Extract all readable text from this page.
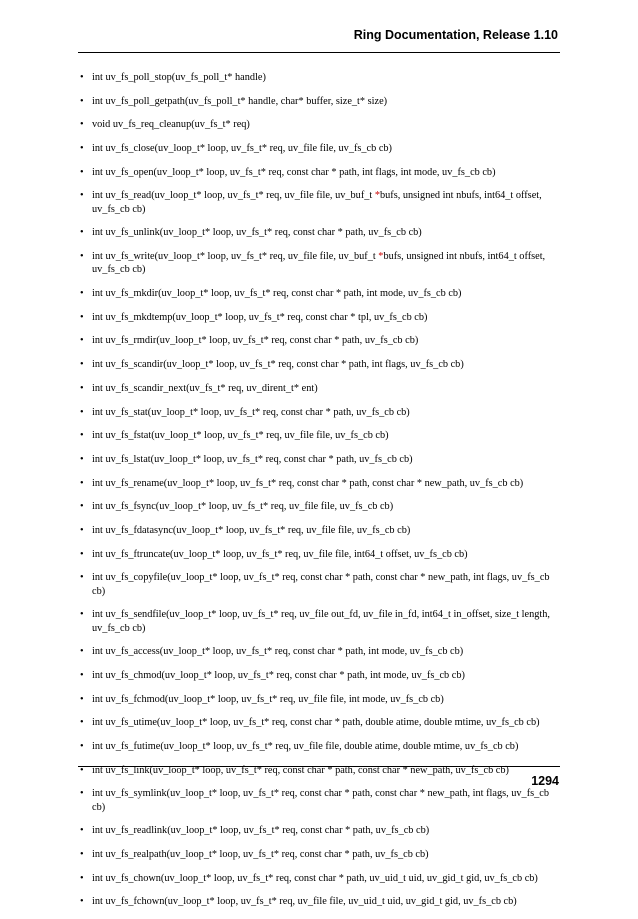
Ring Documentation, Release 1.10
• int uv_fs_poll_stop(uv_fs_poll_t* handle)
• int uv_fs_poll_getpath(uv_fs_poll_t* handle, char* buffer, size_t* size)
• void uv_fs_req_cleanup(uv_fs_t* req)
• int uv_fs_close(uv_loop_t* loop, uv_fs_t* req, uv_file file, uv_fs_cb cb)
• int uv_fs_open(uv_loop_t* loop, uv_fs_t* req, const char * path, int flags, int mode, uv_fs_cb cb)
• int uv_fs_read(uv_loop_t* loop, uv_fs_t* req, uv_file file, uv_buf_t *bufs, unsigned int nbufs, int64_t offset, uv_fs_cb cb)
• int uv_fs_unlink(uv_loop_t* loop, uv_fs_t* req, const char * path, uv_fs_cb cb)
• int uv_fs_write(uv_loop_t* loop, uv_fs_t* req, uv_file file, uv_buf_t *bufs, unsigned int nbufs, int64_t offset, uv_fs_cb cb)
• int uv_fs_mkdir(uv_loop_t* loop, uv_fs_t* req, const char * path, int mode, uv_fs_cb cb)
• int uv_fs_mkdtemp(uv_loop_t* loop, uv_fs_t* req, const char * tpl, uv_fs_cb cb)
• int uv_fs_rmdir(uv_loop_t* loop, uv_fs_t* req, const char * path, uv_fs_cb cb)
• int uv_fs_scandir(uv_loop_t* loop, uv_fs_t* req, const char * path, int flags, uv_fs_cb cb)
• int uv_fs_scandir_next(uv_fs_t* req, uv_dirent_t* ent)
• int uv_fs_stat(uv_loop_t* loop, uv_fs_t* req, const char * path, uv_fs_cb cb)
• int uv_fs_fstat(uv_loop_t* loop, uv_fs_t* req, uv_file file, uv_fs_cb cb)
• int uv_fs_lstat(uv_loop_t* loop, uv_fs_t* req, const char * path, uv_fs_cb cb)
• int uv_fs_rename(uv_loop_t* loop, uv_fs_t* req, const char * path, const char * new_path, uv_fs_cb cb)
• int uv_fs_fsync(uv_loop_t* loop, uv_fs_t* req, uv_file file, uv_fs_cb cb)
• int uv_fs_fdatasync(uv_loop_t* loop, uv_fs_t* req, uv_file file, uv_fs_cb cb)
• int uv_fs_ftruncate(uv_loop_t* loop, uv_fs_t* req, uv_file file, int64_t offset, uv_fs_cb cb)
• int uv_fs_copyfile(uv_loop_t* loop, uv_fs_t* req, const char * path, const char * new_path, int flags, uv_fs_cb cb)
• int uv_fs_sendfile(uv_loop_t* loop, uv_fs_t* req, uv_file out_fd, uv_file in_fd, int64_t in_offset, size_t length, uv_fs_cb cb)
• int uv_fs_access(uv_loop_t* loop, uv_fs_t* req, const char * path, int mode, uv_fs_cb cb)
• int uv_fs_chmod(uv_loop_t* loop, uv_fs_t* req, const char * path, int mode, uv_fs_cb cb)
• int uv_fs_fchmod(uv_loop_t* loop, uv_fs_t* req, uv_file file, int mode, uv_fs_cb cb)
• int uv_fs_utime(uv_loop_t* loop, uv_fs_t* req, const char * path, double atime, double mtime, uv_fs_cb cb)
• int uv_fs_futime(uv_loop_t* loop, uv_fs_t* req, uv_file file, double atime, double mtime, uv_fs_cb cb)
• int uv_fs_link(uv_loop_t* loop, uv_fs_t* req, const char * path, const char * new_path, uv_fs_cb cb)
• int uv_fs_symlink(uv_loop_t* loop, uv_fs_t* req, const char * path, const char * new_path, int flags, uv_fs_cb cb)
• int uv_fs_readlink(uv_loop_t* loop, uv_fs_t* req, const char * path, uv_fs_cb cb)
• int uv_fs_realpath(uv_loop_t* loop, uv_fs_t* req, const char * path, uv_fs_cb cb)
• int uv_fs_chown(uv_loop_t* loop, uv_fs_t* req, const char * path, uv_uid_t uid, uv_gid_t gid, uv_fs_cb cb)
• int uv_fs_fchown(uv_loop_t* loop, uv_fs_t* req, uv_file file, uv_uid_t uid, uv_gid_t gid, uv_fs_cb cb)
1294
